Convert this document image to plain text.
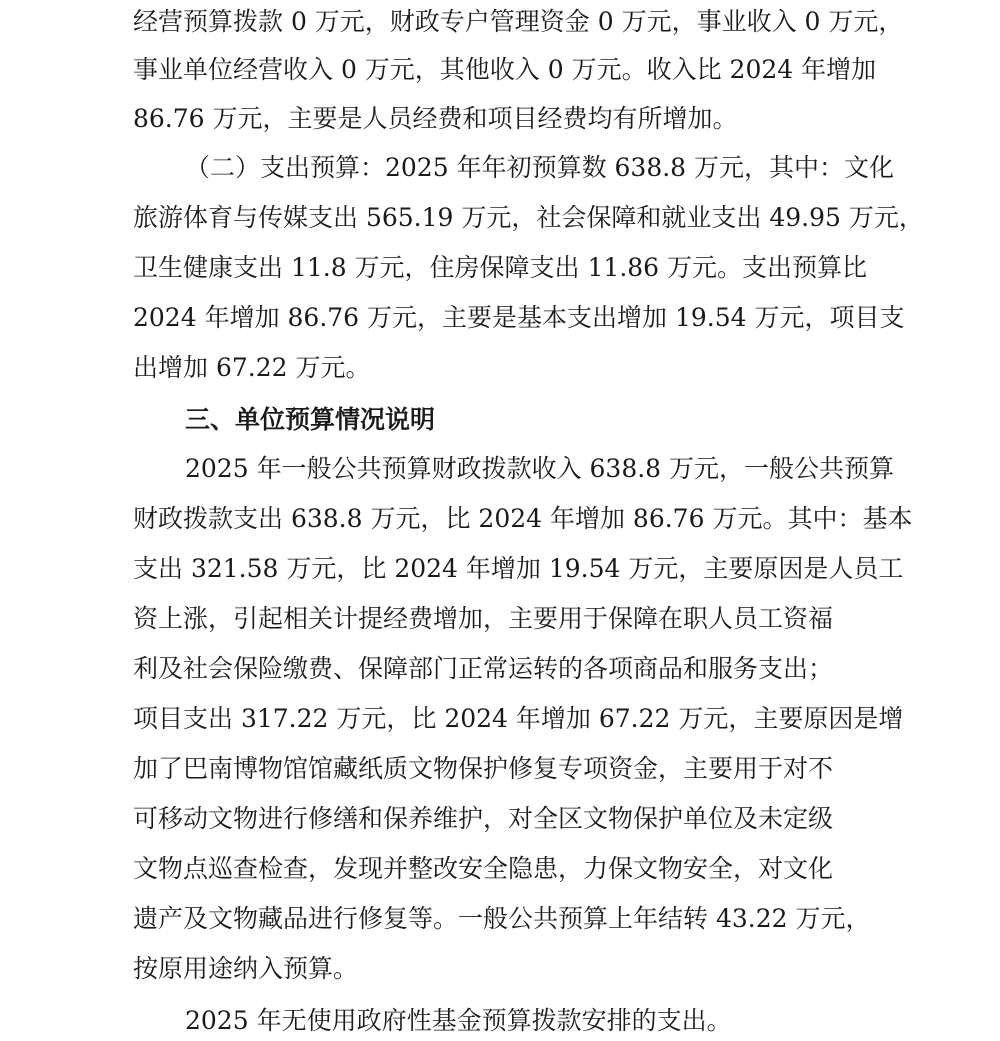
经营预算拨款 0 万元，财政专户管理资金 0 万元，事业收入 0 万元，
事业单位经营收入 0 万元，其他收入 0 万元。收入比 2024 年增加
86.76 万元，主要是人员经费和项目经费均有所增加。
（二）支出预算：2025 年年初预算数 638.8 万元，其中：文化
旅游体育与传媒支出 565.19 万元，社会保障和就业支出 49.95 万元，
卫生健康支出 11.8 万元，住房保障支出 11.86 万元。支出预算比
2024 年增加 86.76 万元，主要是基本支出增加 19.54 万元，项目支
出增加 67.22 万元。
三、单位预算情况说明
2025 年一般公共预算财政拨款收入 638.8 万元，一般公共预算
财政拨款支出 638.8 万元，比 2024 年增加 86.76 万元。其中：基本
支出 321.58 万元，比 2024 年增加 19.54 万元，主要原因是人员工
资上涨，引起相关计提经费增加，主要用于保障在职人员工资福
利及社会保险缴费、保障部门正常运转的各项商品和服务支出；
项目支出 317.22 万元，比 2024 年增加 67.22 万元，主要原因是增
加了巴南博物馆馆藏纸质文物保护修复专项资金，主要用于对不
可移动文物进行修缮和保养维护，对全区文物保护单位及未定级
文物点巡查检查，发现并整改安全隐患，力保文物安全，对文化
遗产及文物藏品进行修复等。一般公共预算上年结转 43.22 万元，
按原用途纳入预算。
2025 年无使用政府性基金预算拨款安排的支出。
